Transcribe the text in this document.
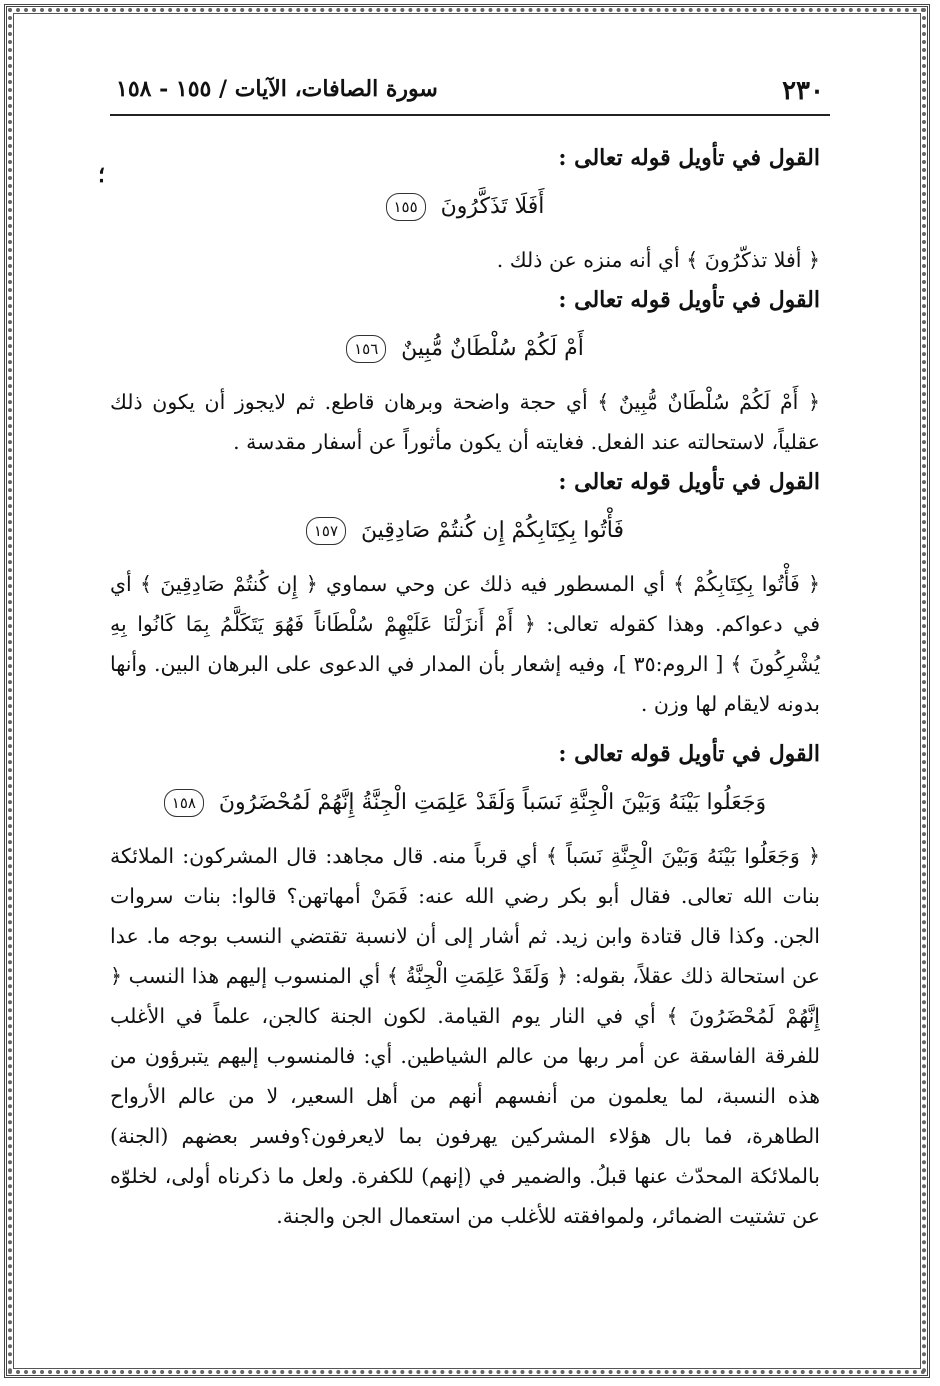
٢٣٠
سورة الصافات، الآيات / ١٥٥ - ١٥٨
؛

القول في تأويل قوله تعالى :

أَفَلَا تَذَكَّرُونَ ١٥٥

﴿ أفلا تذكّرُونَ ﴾ أي أنه منزه عن ذلك .

القول في تأويل قوله تعالى :

أَمْ لَكُمْ سُلْطَانٌ مُّبِينٌ ١٥٦

﴿ أَمْ لَكُمْ سُلْطَانٌ مُّبِينٌ ﴾ أي حجة واضحة وبرهان قاطع. ثم لايجوز أن يكون ذلك عقلياً، لاستحالته عند الفعل. فغايته أن يكون مأثوراً عن أسفار مقدسة .

القول في تأويل قوله تعالى :

فَأْتُوا بِكِتَابِكُمْ إِن كُنتُمْ صَادِقِينَ ١٥٧

﴿ فَأْتُوا بِكِتَابِكُمْ ﴾ أي المسطور فيه ذلك عن وحي سماوي ﴿ إِن كُنتُمْ صَادِقِينَ ﴾ أي في دعواكم. وهذا كقوله تعالى: ﴿ أَمْ أَنزَلْنَا عَلَيْهِمْ سُلْطَاناً فَهُوَ يَتَكَلَّمُ بِمَا كَانُوا بِهِ يُشْرِكُونَ ﴾ [ الروم:٣٥ ]، وفيه إشعار بأن المدار في الدعوى على البرهان البين. وأنها بدونه لايقام لها وزن .

القول في تأويل قوله تعالى :

وَجَعَلُوا بَيْنَهُ وَبَيْنَ الْجِنَّةِ نَسَباً وَلَقَدْ عَلِمَتِ الْجِنَّةُ إِنَّهُمْ لَمُحْضَرُونَ ١٥٨

﴿ وَجَعَلُوا بَيْنَهُ وَبَيْنَ الْجِنَّةِ نَسَباً ﴾ أي قرباً منه. قال مجاهد: قال المشركون: الملائكة بنات الله تعالى. فقال أبو بكر رضي الله عنه: فَمَنْ أمهاتهن؟ قالوا: بنات سروات الجن. وكذا قال قتادة وابن زيد. ثم أشار إلى أن لانسبة تقتضي النسب بوجه ما. عدا عن استحالة ذلك عقلاً، بقوله: ﴿ وَلَقَدْ عَلِمَتِ الْجِنَّةُ ﴾ أي المنسوب إليهم هذا النسب ﴿ إِنَّهُمْ لَمُحْضَرُونَ ﴾ أي في النار يوم القيامة. لكون الجنة كالجن، علماً في الأغلب للفرقة الفاسقة عن أمر ربها من عالم الشياطين. أي: فالمنسوب إليهم يتبرؤون من هذه النسبة، لما يعلمون من أنفسهم أنهم من أهل السعير، لا من عالم الأرواح الطاهرة، فما بال هؤلاء المشركين يهرفون بما لايعرفون؟وفسر بعضهم (الجنة) بالملائكة المحدّث عنها قبلُ. والضمير في (إنهم) للكفرة. ولعل ما ذكرناه أولى، لخلوّه عن تشتيت الضمائر، ولموافقته للأغلب من استعمال الجن والجنة.
